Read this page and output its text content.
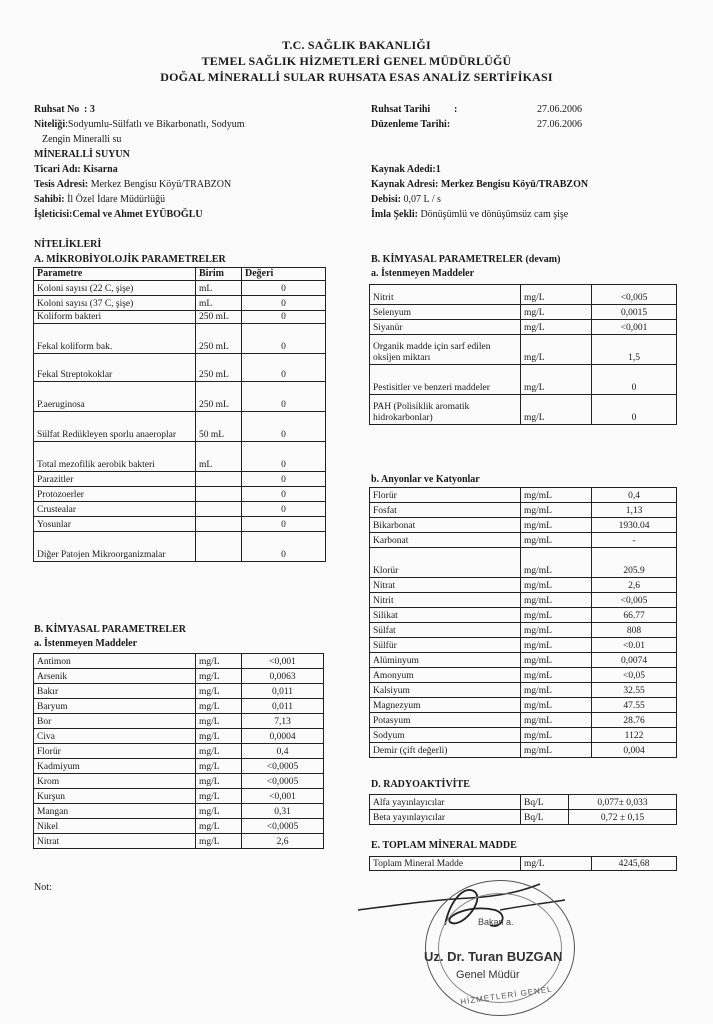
T.C. SAĞLIK BAKANLIĞI
TEMEL SAĞLIK HİZMETLERİ GENEL MÜDÜRLÜĞÜ
DOĞAL MİNERALLİ SULAR RUHSATA ESAS ANALİZ SERTİFİKASI
Ruhsat No : 3
Niteliği:Sodyumlu-Sülfatlı ve Bikarbonatlı, Sodyum
Zengin Mineralli su
MİNERALLİ SUYUN
Ticari Adı: Kisarna
Tesis Adresi: Merkez Bengisu Köyü/TRABZON
Sahibi: İl Özel İdare Müdürlüğü
İşleticisi:Cemal ve Ahmet EYÜBOĞLU
Ruhsat Tarihi :	27.06.2006
Düzenleme Tarihi:	27.06.2006
Kaynak Adedi:1
Kaynak Adresi: Merkez Bengisu Köyü/TRABZON
Debisi: 0,07 L / s
İmla Şekli: Dönüşümlü ve dönüşümsüz cam şişe
NİTELİKLERİ
A. MİKROBİYOLOJİK PARAMETRELER	B. KİMYASAL PARAMETRELER (devam)
a. İstenmeyen Maddeler
b. Anyonlar ve Katyonlar
B. KİMYASAL PARAMETRELER
a. İstenmeyen Maddeler
D. RADYOAKTİVİTE
E. TOPLAM MİNERAL MADDE
Parametre	Birim	Değeri
Koloni sayısı (22 C, şişe)	mL	0
Koloni sayısı (37 C, şişe)	mL	0
Koliform bakteri	250 mL	0
Fekal koliform bak.	250 mL	0
Fekal Streptokoklar	250 mL	0
P.aeruginosa	250 mL	0
Sülfat Redükleyen sporlu anaeroplar	50 mL	0
Total mezofilik aerobik bakteri	mL	0
Parazitler		0
Protozoerler		0
Crustealar		0
Yosunlar		0
Diğer Patojen Mikroorganizmalar		0
Antimon	mg/L	<0,001
Arsenik	mg/L	0,0063
Bakır	mg/L	0,011
Baryum	mg/L	0,011
Bor	mg/L	7,13
Civa	mg/L	0,0004
Florür	mg/L	0,4
Kadmiyum	mg/L	<0,0005
Krom	mg/L	<0,0005
Kurşun	mg/L	<0,001
Mangan	mg/L	0,31
Nikel	mg/L	<0,0005
Nitrat	mg/L	2,6
Nitrit	mg/L	<0,005
Selenyum	mg/L	0,0015
Siyanür	mg/L	<0,001
Organik madde için sarf edilen oksijen miktarı	mg/L	1,5
Pestisitler ve benzeri maddeler	mg/L	0
PAH (Polisiklik aromatik hidrokarbonlar)	mg/L	0
Florür	mg/mL	0,4
Fosfat	mg/mL	1,13
Bikarbonat	mg/mL	1930.04
Karbonat	mg/mL	-
Klorür	mg/mL	205.9
Nitrat	mg/mL	2,6
Nitrit	mg/mL	<0,005
Silikat	mg/mL	66.77
Sülfat	mg/mL	808
Sülfür	mg/mL	<0.01
Alüminyum	mg/mL	0,0074
Amonyum	mg/mL	<0,05
Kalsiyum	mg/mL	32.55
Magnezyum	mg/mL	47.55
Potasyum	mg/mL	28.76
Sodyum	mg/mL	1122
Demir (çift değerli)	mg/mL	0,004
Alfa yayınlayıcılar	Bq/L	0,077± 0,033
Beta yayınlayıcılar	Bq/L	0,72 ± 0,15
Toplam Mineral Madde	mg/L	4245,68
Not:
Bakan a.
Uz. Dr. Turan BUZGAN
Genel Müdür
HİZMETLERİ GENEL
